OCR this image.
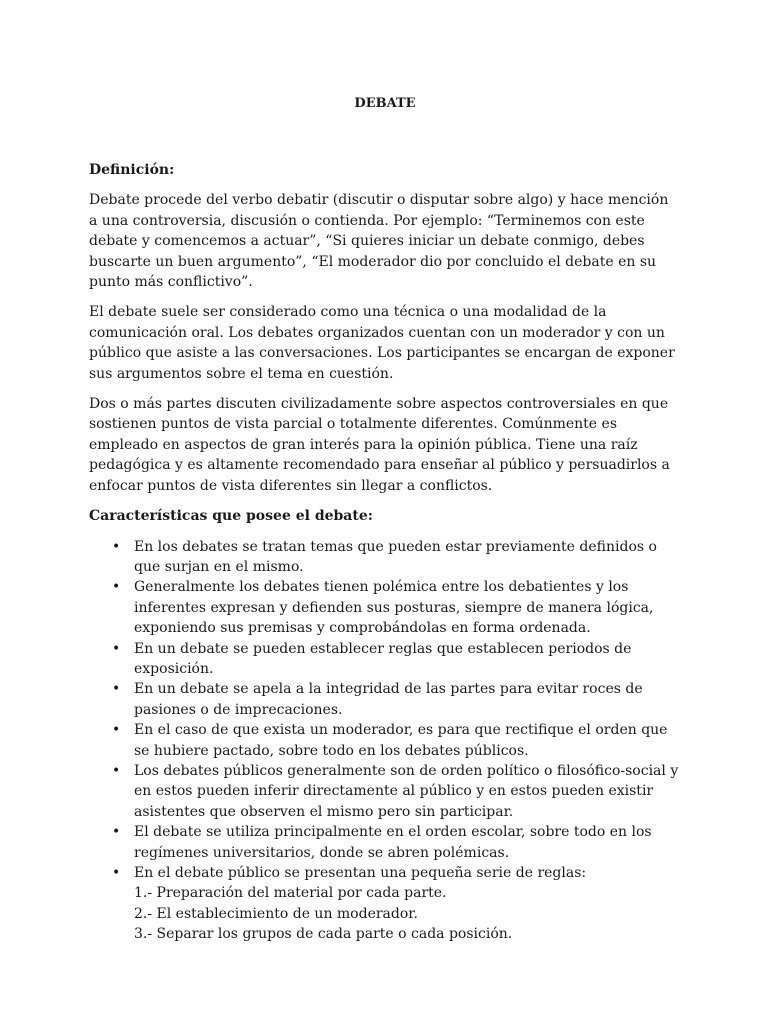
DEBATE
Definición:

Debate procede del verbo debatir (discutir o disputar sobre algo) y hace mención a una controversia, discusión o contienda. Por ejemplo: “Terminemos con este debate y comencemos a actuar”, “Si quieres iniciar un debate conmigo, debes buscarte un buen argumento”, “El moderador dio por concluido el debate en su punto más conflictivo”.

El debate suele ser considerado como una técnica o una modalidad de la comunicación oral. Los debates organizados cuentan con un moderador y con un público que asiste a las conversaciones. Los participantes se encargan de exponer sus argumentos sobre el tema en cuestión.

Dos o más partes discuten civilizadamente sobre aspectos controversiales en que sostienen puntos de vista parcial o totalmente diferentes. Comúnmente es empleado en aspectos de gran interés para la opinión pública. Tiene una raíz pedagógica y es altamente recomendado para enseñar al público y persuadirlos a enfocar puntos de vista diferentes sin llegar a conflictos.

Características que posee el debate:
• En los debates se tratan temas que pueden estar previamente definidos o que surjan en el mismo.
• Generalmente los debates tienen polémica entre los debatientes y los inferentes expresan y defienden sus posturas, siempre de manera lógica, exponiendo sus premisas y comprobándolas en forma ordenada.
• En un debate se pueden establecer reglas que establecen periodos de exposición.
• En un debate se apela a la integridad de las partes para evitar roces de pasiones o de imprecaciones.
• En el caso de que exista un moderador, es para que rectifique el orden que se hubiere pactado, sobre todo en los debates públicos.
• Los debates públicos generalmente son de orden político o filosófico-social y en estos pueden inferir directamente al público y en estos pueden existir asistentes que observen el mismo pero sin participar.
• El debate se utiliza principalmente en el orden escolar, sobre todo en los regímenes universitarios, donde se abren polémicas.
• En el debate público se presentan una pequeña serie de reglas:
1.- Preparación del material por cada parte.
2.- El establecimiento de un moderador.
3.- Separar los grupos de cada parte o cada posición.
